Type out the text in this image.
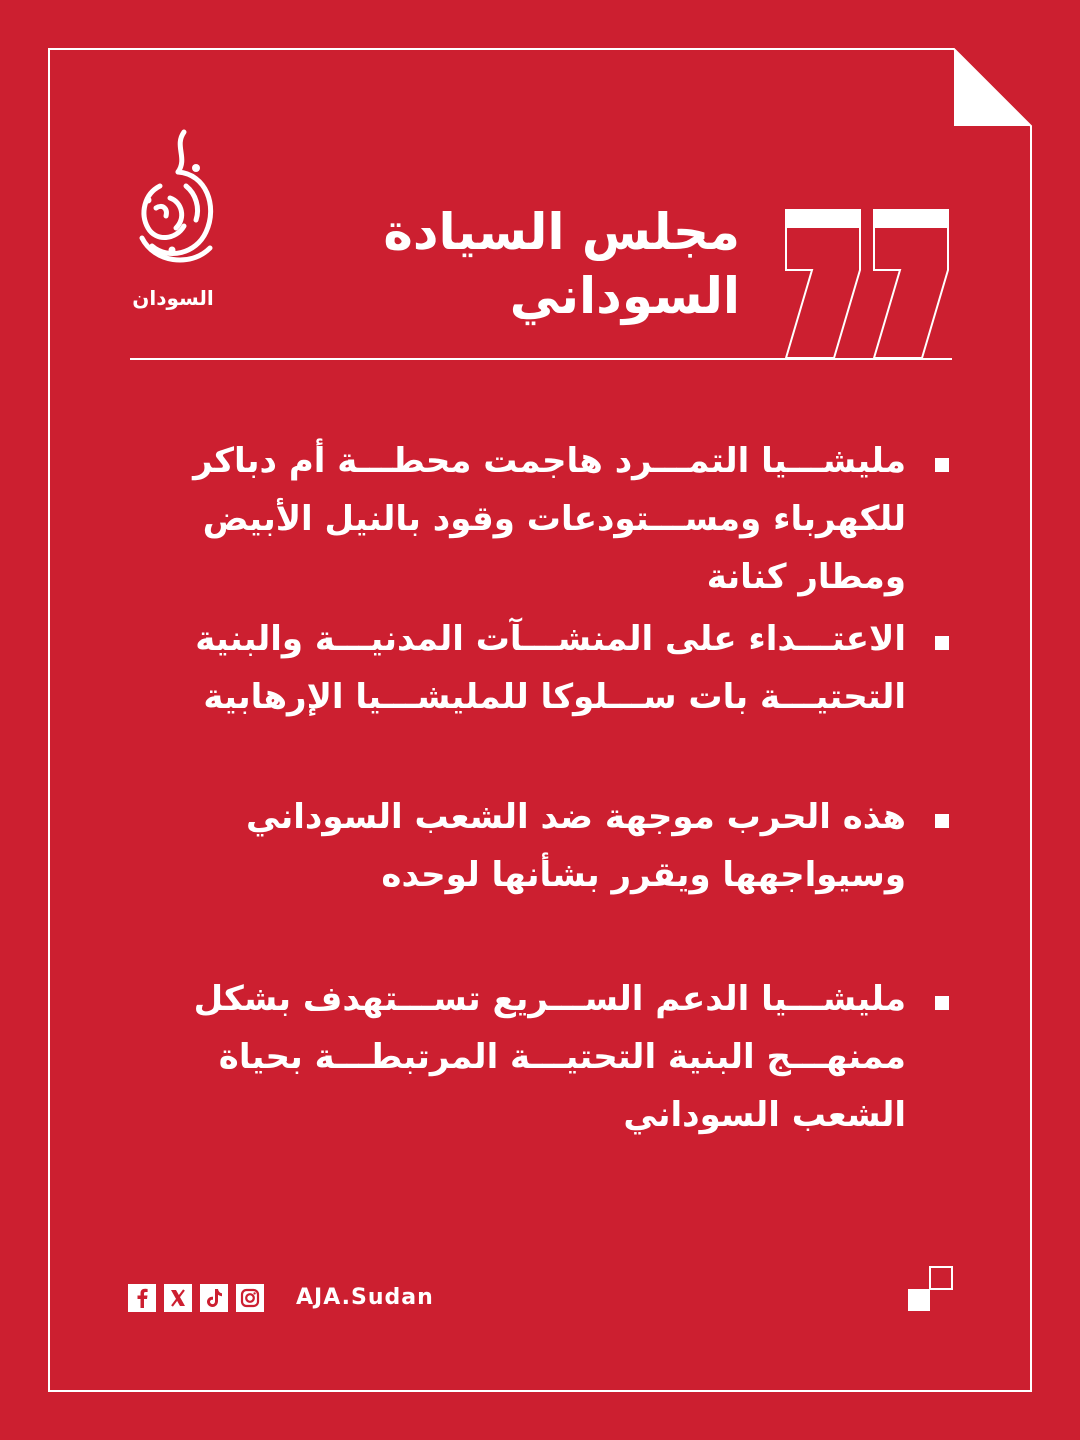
السودان
مجلس السيادة
السوداني

مليشـــيا التمـــرد هاجمت محطـــة أم دباكر للكهرباء ومســـتودعات وقود بالنيل الأبيض ومطار كنانة

الاعتـــداء على المنشـــآت المدنيـــة والبنية التحتيـــة بات ســـلوكا للمليشـــيا الإرهابية

هذه الحرب موجهة ضد الشعب السوداني وسيواجهها ويقرر بشأنها لوحده

مليشـــيا الدعم الســـريع تســـتهدف بشكل ممنهـــج البنية التحتيـــة المرتبطـــة بحياة الشعب السوداني

AJA.Sudan
